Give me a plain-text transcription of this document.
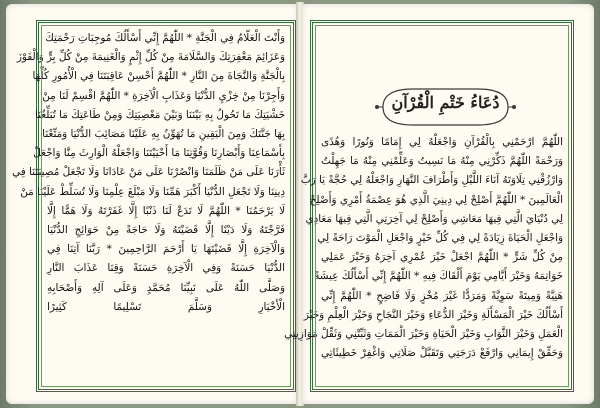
وَأَنْتَ الْعَلّامُ فِي الْجَنَّةِ * اللّٰهُمَّ إِنِّي أَسْأَلُكَ مُوجِبَاتِ رَحْمَتِكَ
وَعَزَائِمَ مَغْفِرَتِكَ وَالسَّلَامَةَ مِنْ كُلِّ إِثْمٍ وَالْغَنِيمَةَ مِنْ كُلِّ بِرٍّ وَالْفَوْزَ
بِالْجَنَّةِ وَالنَّجَاةَ مِنَ النَّارِ * اللّٰهُمَّ أَحْسِنْ عَاقِبَتَنَا فِي الْأُمُورِ كُلِّهَا
وَأَجِرْنَا مِنْ خِزْيِ الدُّنْيَا وَعَذَابِ الْآخِرَةِ * اللّٰهُمَّ اقْسِمْ لَنَا مِنْ
خَشْيَتِكَ مَا تَحُولُ بِهِ بَيْنَنَا وَبَيْنَ مَعْصِيَتِكَ وَمِنْ طَاعَتِكَ مَا تُبَلِّغُنَا
بِهَا جَنَّتَكَ وَمِنَ الْيَقِينِ مَا تُهَوِّنُ بِهِ عَلَيْنَا مَصَائِبَ الدُّنْيَا وَمَتِّعْنَا
بِأَسْمَاعِنَا وَأَبْصَارِنَا وَقُوَّتِنَا مَا أَحْيَيْتَنَا وَاجْعَلْهُ الْوَارِثَ مِنَّا وَاجْعَلْ
ثَأْرَنَا عَلَى مَنْ ظَلَمَنَا وَانْصُرْنَا عَلَى مَنْ عَادَانَا وَلَا تَجْعَلْ مُصِيبَتَنَا فِي
دِينِنَا وَلَا تَجْعَلِ الدُّنْيَا أَكْبَرَ هَمِّنَا وَلَا مَبْلَغَ عِلْمِنَا وَلَا تُسَلِّطْ عَلَيْنَا مَنْ
لَا يَرْحَمُنَا * اللّٰهُمَّ لَا تَدَعْ لَنَا ذَنْبًا إِلَّا غَفَرْتَهُ وَلَا هَمًّا إِلَّا
فَرَّجْتَهُ وَلَا دَيْنًا إِلَّا قَضَيْتَهُ وَلَا حَاجَةً مِنْ حَوَائِجِ الدُّنْيَا
وَالْآخِرَةِ إِلَّا قَضَيْتَهَا يَا أَرْحَمَ الرَّاحِمِينَ * رَبَّنَا آتِنَا فِي
الدُّنْيَا حَسَنَةً وَفِي الْآخِرَةِ حَسَنَةً وَقِنَا عَذَابَ النَّارِ
وَصَلَّى اللّٰهُ عَلَى نَبِيِّنَا مُحَمَّدٍ وَعَلَى آلِهِ وَأَصْحَابِهِ
الْأَخْيَارِ وَسَلَّمَ تَسْلِيمًا كَثِيرًا
دُعَاءُ خَتْمِ الْقُرْآنِ
اللّٰهُمَّ ارْحَمْنِي بِالْقُرْآنِ وَاجْعَلْهُ لِي إِمَامًا وَنُورًا وَهُدًى
وَرَحْمَةً اللّٰهُمَّ ذَكِّرْنِي مِنْهُ مَا نَسِيتُ وَعَلِّمْنِي مِنْهُ مَا جَهِلْتُ
وَارْزُقْنِي تِلَاوَتَهُ آنَاءَ اللَّيْلِ وَأَطْرَافَ النَّهَارِ وَاجْعَلْهُ لِي حُجَّةً يَا رَبَّ
الْعَالَمِينَ * اللّٰهُمَّ أَصْلِحْ لِي دِينِيَ الَّذِي هُوَ عِصْمَةُ أَمْرِي وَأَصْلِحْ
لِي دُنْيَايَ الَّتِي فِيهَا مَعَاشِي وَأَصْلِحْ لِي آخِرَتِي الَّتِي فِيهَا مَعَادِي
وَاجْعَلِ الْحَيَاةَ زِيَادَةً لِي فِي كُلِّ خَيْرٍ وَاجْعَلِ الْمَوْتَ رَاحَةً لِي
مِنْ كُلِّ شَرٍّ * اللّٰهُمَّ اجْعَلْ خَيْرَ عُمْرِي آخِرَهُ وَخَيْرَ عَمَلِي
خَوَاتِمَهُ وَخَيْرَ أَيَّامِي يَوْمَ أَلْقَاكَ فِيهِ * اللّٰهُمَّ إِنِّي أَسْأَلُكَ عِيشَةً
هَنِيَّةً وَمِيتَةً سَوِيَّةً وَمَرَدًّا غَيْرَ مُخْزٍ وَلَا فَاضِحٍ * اللّٰهُمَّ إِنِّي
أَسْأَلُكَ خَيْرَ الْمَسْأَلَةِ وَخَيْرَ الدُّعَاءِ وَخَيْرَ النَّجَاحِ وَخَيْرَ الْعِلْمِ وَخَيْرَ
الْعَمَلِ وَخَيْرَ الثَّوَابِ وَخَيْرَ الْحَيَاةِ وَخَيْرَ الْمَمَاتِ وَثَبِّتْنِي وَثَقِّلْ مَوَازِينِي
وَحَقِّقْ إِيمَانِي وَارْفَعْ دَرَجَتِي وَتَقَبَّلْ صَلَاتِي وَاغْفِرْ خَطِيئَاتِي
